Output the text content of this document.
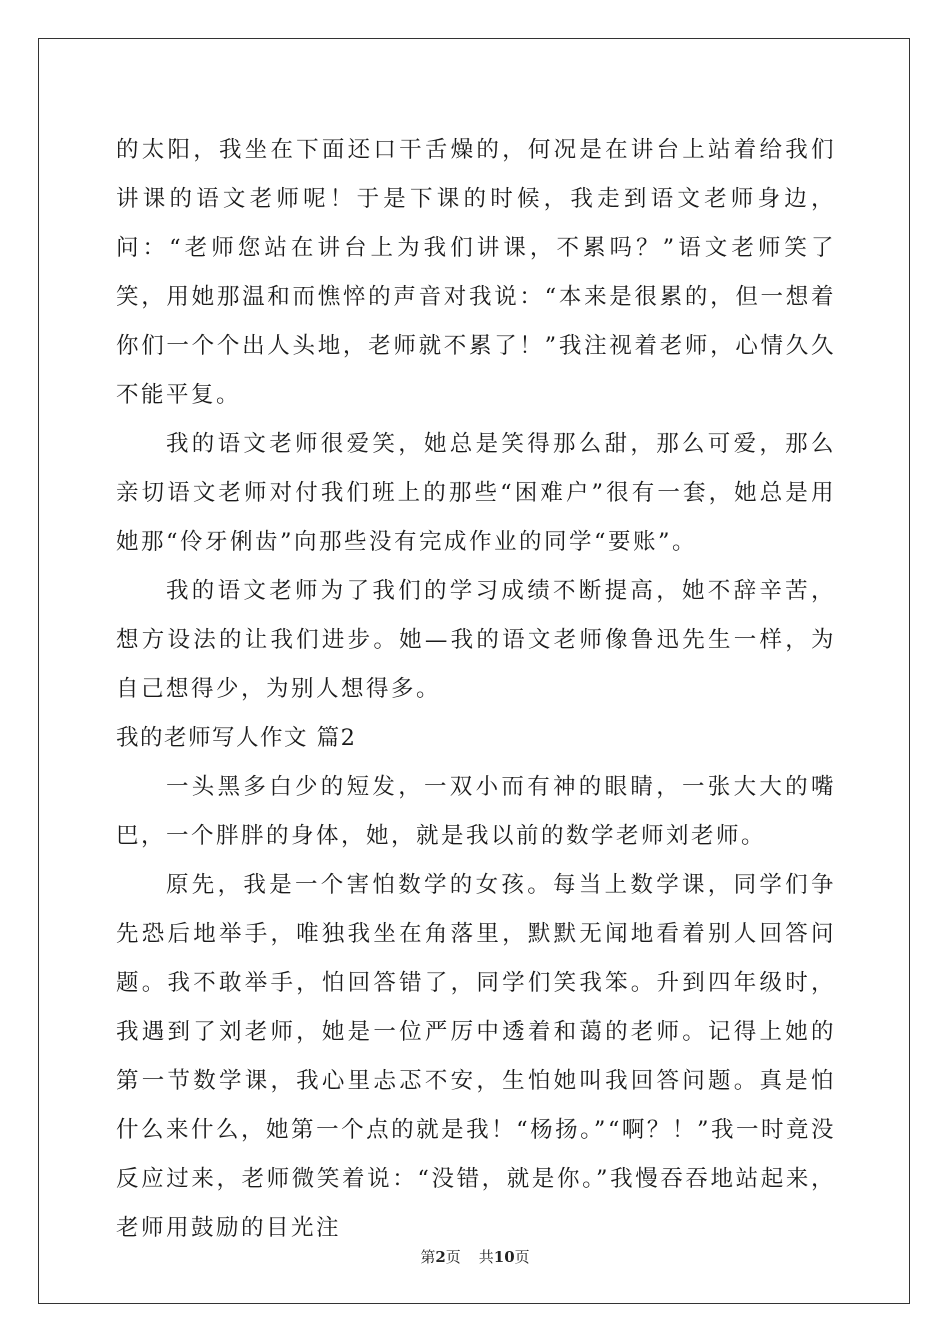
的太阳，我坐在下面还口干舌燥的，何况是在讲台上站着给我们讲课的语文老师呢！于是下课的时候，我走到语文老师身边，问：“老师您站在讲台上为我们讲课，不累吗？”语文老师笑了笑，用她那温和而憔悴的声音对我说：“本来是很累的，但一想着你们一个个出人头地，老师就不累了！”我注视着老师，心情久久不能平复。

我的语文老师很爱笑，她总是笑得那么甜，那么可爱，那么亲切语文老师对付我们班上的那些“困难户”很有一套，她总是用她那“伶牙俐齿”向那些没有完成作业的同学“要账”。

我的语文老师为了我们的学习成绩不断提高，她不辞辛苦，想方设法的让我们进步。她—我的语文老师像鲁迅先生一样，为自己想得少，为别人想得多。

我的老师写人作文 篇2

一头黑多白少的短发，一双小而有神的眼睛，一张大大的嘴巴，一个胖胖的身体，她，就是我以前的数学老师刘老师。

原先，我是一个害怕数学的女孩。每当上数学课，同学们争先恐后地举手，唯独我坐在角落里，默默无闻地看着别人回答问题。我不敢举手，怕回答错了，同学们笑我笨。升到四年级时，我遇到了刘老师，她是一位严厉中透着和蔼的老师。记得上她的第一节数学课，我心里忐忑不安，生怕她叫我回答问题。真是怕什么来什么，她第一个点的就是我！“杨扬。”“啊？！”我一时竟没反应过来，老师微笑着说：“没错，就是你。”我慢吞吞地站起来，老师用鼓励的目光注

第2页 共10页
